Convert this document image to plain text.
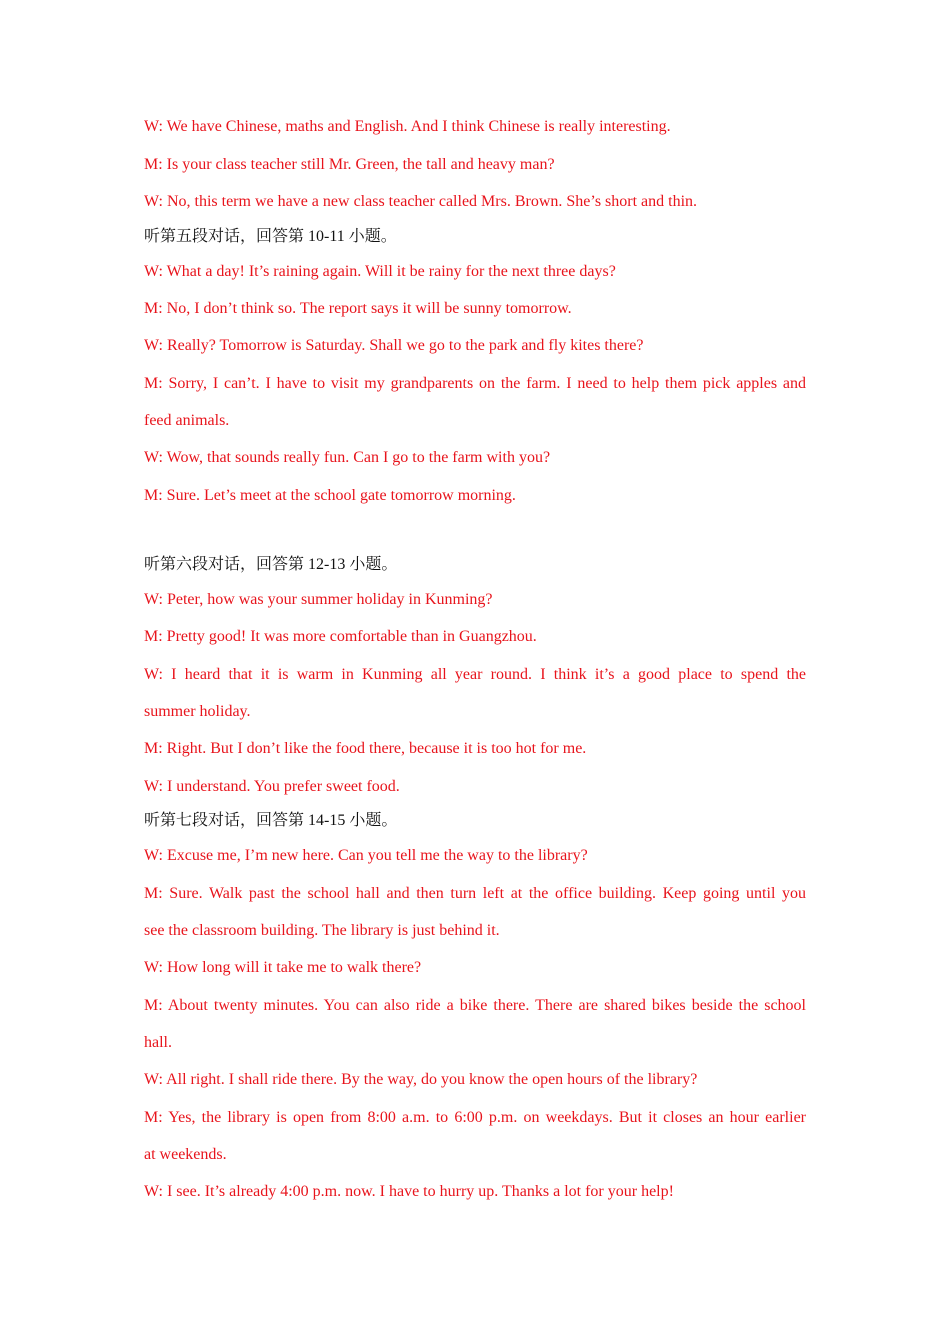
W: We have Chinese, maths and English. And I think Chinese is really interesting.
M: Is your class teacher still Mr. Green, the tall and heavy man?
W: No, this term we have a new class teacher called Mrs. Brown. She’s short and thin.
听第五段对话，回答第 10-11 小题。
W: What a day! It’s raining again. Will it be rainy for the next three days?
M: No, I don’t think so. The report says it will be sunny tomorrow.
W: Really? Tomorrow is Saturday. Shall we go to the park and fly kites there?
M: Sorry, I can’t. I have to visit my grandparents on the farm. I need to help them pick apples and
feed animals.
W: Wow, that sounds really fun. Can I go to the farm with you?
M: Sure. Let’s meet at the school gate tomorrow morning.
听第六段对话，回答第 12-13 小题。
W: Peter, how was your summer holiday in Kunming?
M: Pretty good! It was more comfortable than in Guangzhou.
W: I heard that it is warm in Kunming all year round. I think it’s a good place to spend the
summer holiday.
M: Right. But I don’t like the food there, because it is too hot for me.
W: I understand. You prefer sweet food.
听第七段对话，回答第 14-15 小题。
W: Excuse me, I’m new here. Can you tell me the way to the library?
M: Sure. Walk past the school hall and then turn left at the office building. Keep going until you
see the classroom building. The library is just behind it.
W: How long will it take me to walk there?
M: About twenty minutes. You can also ride a bike there. There are shared bikes beside the school
hall.
W: All right. I shall ride there. By the way, do you know the open hours of the library?
M: Yes, the library is open from 8:00 a.m. to 6:00 p.m. on weekdays. But it closes an hour earlier
at weekends.
W: I see. It’s already 4:00 p.m. now. I have to hurry up. Thanks a lot for your help!
